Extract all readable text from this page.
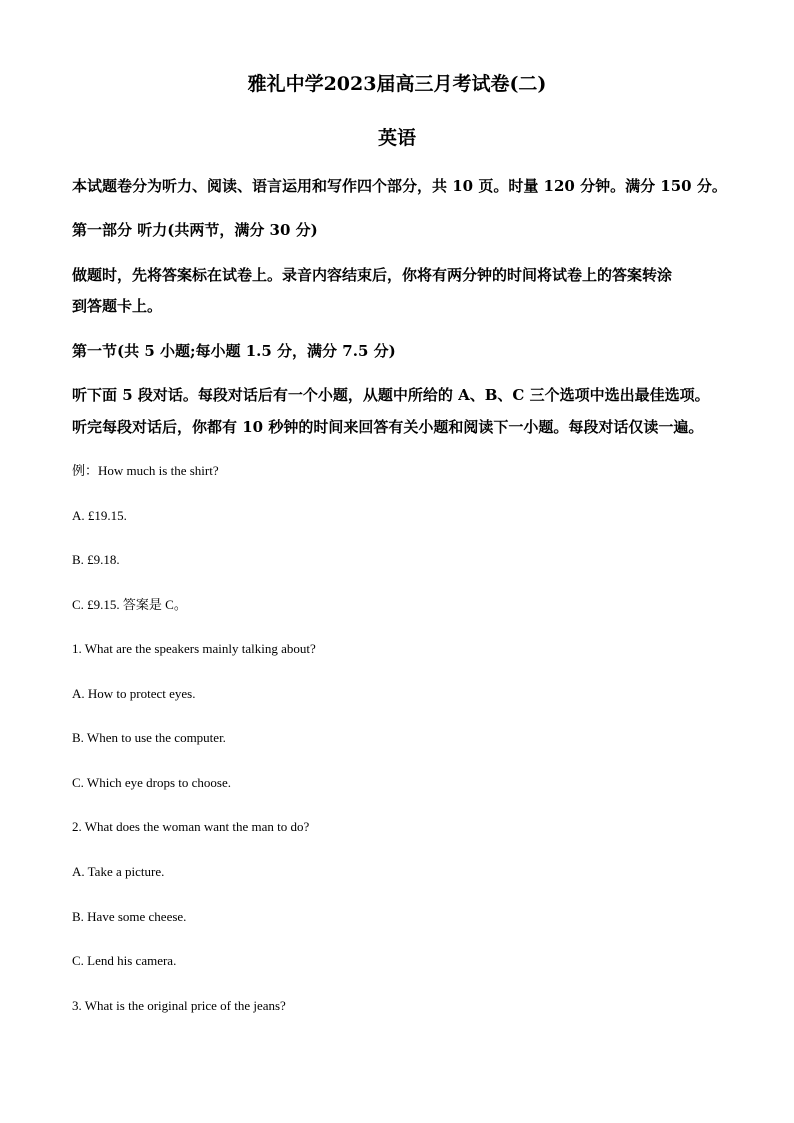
雅礼中学2023届高三月考试卷(二)
英语
本试题卷分为听力、阅读、语言运用和写作四个部分，共 10 页。时量 120 分钟。满分 150 分。
第一部分 听力(共两节，满分 30 分)
做题时，先将答案标在试卷上。录音内容结束后，你将有两分钟的时间将试卷上的答案转涂
到答题卡上。
第一节(共 5 小题;每小题 1.5 分，满分 7.5 分)
听下面 5 段对话。每段对话后有一个小题，从题中所给的 A、B、C 三个选项中选出最佳选项。
听完每段对话后，你都有 10 秒钟的时间来回答有关小题和阅读下一小题。每段对话仅读一遍。
例：How much is the shirt?
A. £19.15.
B. £9.18.
C. £9.15. 答案是 C。
1. What are the speakers mainly talking about?
A. How to protect eyes.
B. When to use the computer.
C. Which eye drops to choose.
2. What does the woman want the man to do?
A. Take a picture.
B. Have some cheese.
C. Lend his camera.
3. What is the original price of the jeans?
